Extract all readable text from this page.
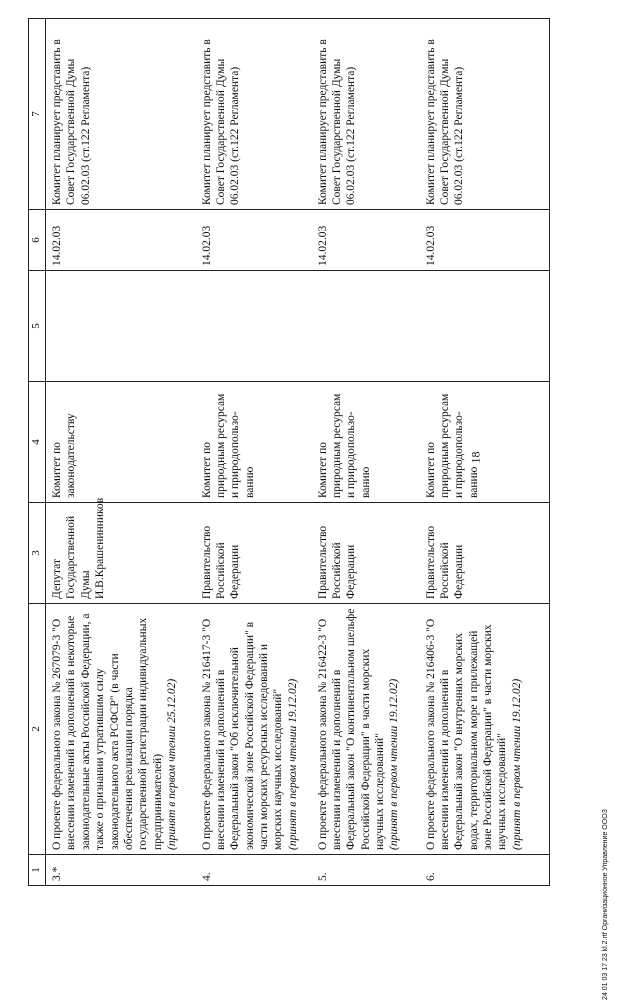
18
1	2	3	4	5	6	7
3.*	О проекте федерального закона № 267079-3 "О внесении изменений и дополнений в некоторые законодательные акты Российской Федерации, а также о признании утратившим силу законодательного акта РСФСР" (в части обеспечения реализации порядка государственной регистрации индивидуальных предпринимателей) (принят в первом чтении 25.12.02)	Депутат Государственной Думы И.В.Крашенинников	Комитет по законодательству		14.02.03	Комитет планирует представить в Совет Государственной Думы 06.02.03 (ст.122 Регламента)
4.	О проекте федерального закона № 216417-3 "О внесении изменений и дополнений в Федеральный закон "Об исключительной экономической зоне Российской Федерации" в части морских ресурсных исследований и морских научных исследований" (принят в первом чтении 19.12.02)	Правительство Российской Федерации	Комитет по природным ресурсам и природопользо-ванию		14.02.03	Комитет планирует представить в Совет Государственной Думы 06.02.03 (ст.122 Регламента)
5.	О проекте федерального закона № 216422-3 "О внесении изменений и дополнений в Федеральный закон "О континентальном шельфе Российской Федерации" в части морских научных исследований" (принят в первом чтении 19.12.02)	Правительство Российской Федерации	Комитет по природным ресурсам и природопользо-ванию		14.02.03	Комитет планирует представить в Совет Государственной Думы 06.02.03 (ст.122 Регламента)
6.	О проекте федерального закона № 216406-3 "О внесении изменений и дополнений в Федеральный закон "О внутренних морских водах, территориальном море и прилежащей зоне Российской Федерации" в части морских научных исследований" (принят в первом чтении 19.12.02)	Правительство Российской Федерации	Комитет по природным ресурсам и природопользо-ванию		14.02.03	Комитет планирует представить в Совет Государственной Думы 06.02.03 (ст.122 Регламента)
24 01 03 17 23 kl.2.rtf Организационное Управление ОООЗ
